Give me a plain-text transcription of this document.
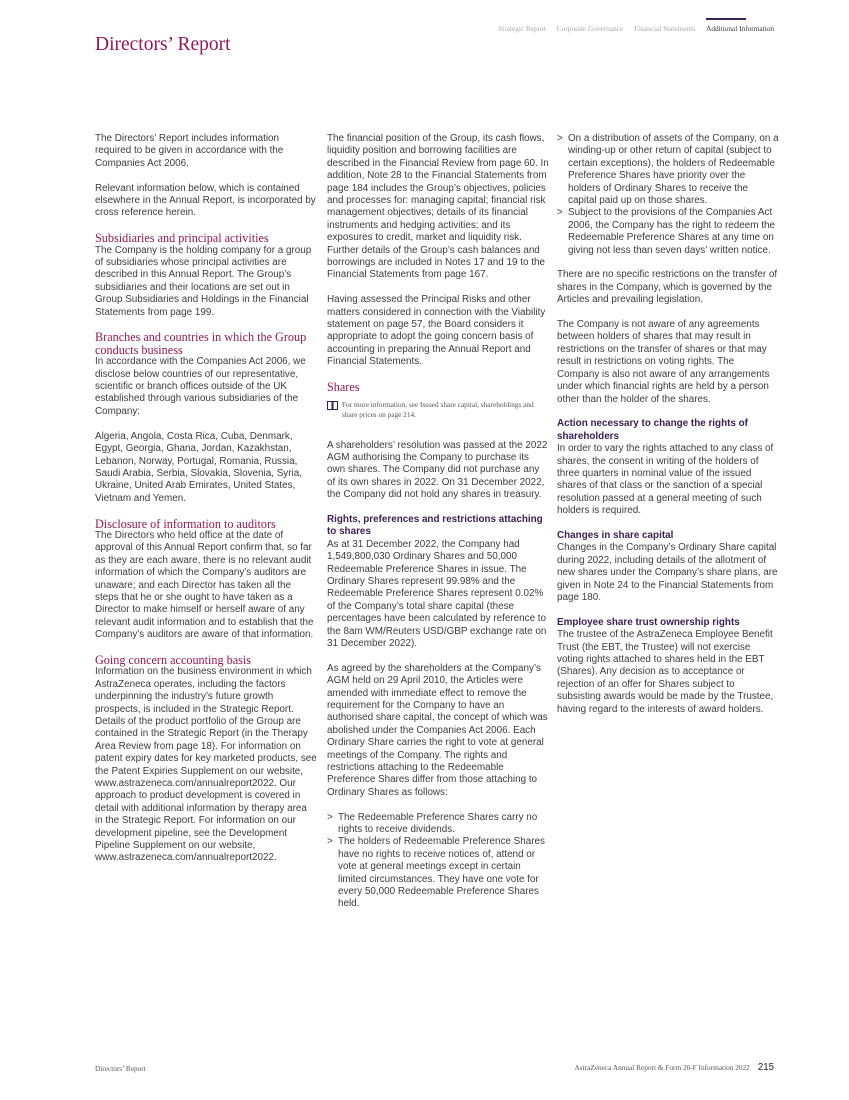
Strategic Report Corporate Governance Financial Statements Additional Information
Directors’ Report

The Directors’ Report includes information required to be given in accordance with the Companies Act 2006.

Relevant information below, which is contained elsewhere in the Annual Report, is incorporated by cross reference herein.

Subsidiaries and principal activities

The Company is the holding company for a group of subsidiaries whose principal activities are described in this Annual Report. The Group’s subsidiaries and their locations are set out in Group Subsidiaries and Holdings in the Financial Statements from page 199.

Branches and countries in which the Group conducts business

In accordance with the Companies Act 2006, we disclose below countries of our representative, scientific or branch offices outside of the UK established through various subsidiaries of the Company:

Algeria, Angola, Costa Rica, Cuba, Denmark, Egypt, Georgia, Ghana, Jordan, Kazakhstan, Lebanon, Norway, Portugal, Romania, Russia, Saudi Arabia, Serbia, Slovakia, Slovenia, Syria, Ukraine, United Arab Emirates, United States, Vietnam and Yemen.

Disclosure of information to auditors

The Directors who held office at the date of approval of this Annual Report confirm that, so far as they are each aware, there is no relevant audit information of which the Company’s auditors are unaware; and each Director has taken all the steps that he or she ought to have taken as a Director to make himself or herself aware of any relevant audit information and to establish that the Company’s auditors are aware of that information.

Going concern accounting basis

Information on the business environment in which AstraZeneca operates, including the factors underpinning the industry’s future growth prospects, is included in the Strategic Report. Details of the product portfolio of the Group are contained in the Strategic Report (in the Therapy Area Review from page 18). For information on patent expiry dates for key marketed products, see the Patent Expiries Supplement on our website, www.astrazeneca.com/annualreport2022. Our approach to product development is covered in detail with additional information by therapy area in the Strategic Report. For information on our development pipeline, see the Development Pipeline Supplement on our website, www.astrazeneca.com/annualreport2022.

The financial position of the Group, its cash flows, liquidity position and borrowing facilities are described in the Financial Review from page 60. In addition, Note 28 to the Financial Statements from page 184 includes the Group’s objectives, policies and processes for: managing capital; financial risk management objectives; details of its financial instruments and hedging activities; and its exposures to credit, market and liquidity risk. Further details of the Group’s cash balances and

borrowings are included in Notes 17 and 19 to the Financial Statements from page 167.

Having assessed the Principal Risks and other matters considered in connection with the Viability statement on page 57, the Board considers it appropriate to adopt the going concern basis of accounting in preparing the Annual Report and Financial Statements.

Shares
For more information, see Issued share capital, shareholdings and share prices on page 214.

A shareholders’ resolution was passed at the 2022 AGM authorising the Company to purchase its own shares. The Company did not purchase any of its own shares in 2022. On 31 December 2022, the Company did not hold any shares in treasury.

Rights, preferences and restrictions attaching to shares

As at 31 December 2022, the Company had 1,549,800,030 Ordinary Shares and 50,000 Redeemable Preference Shares in issue. The Ordinary Shares represent 99.98% and the Redeemable Preference Shares represent 0.02% of the Company’s total share capital (these percentages have been calculated by reference to the 8am WM/Reuters USD/GBP exchange rate on 31 December 2022).

As agreed by the shareholders at the Company’s AGM held on 29 April 2010, the Articles were amended with immediate effect to remove the requirement for the Company to have an authorised share capital, the concept of which was abolished under the Companies Act 2006. Each Ordinary Share carries the right to vote at general meetings of the Company. The rights and restrictions attaching to the Redeemable Preference Shares differ from those attaching to Ordinary Shares as follows:

> The Redeemable Preference Shares carry no rights to receive dividends.
> The holders of Redeemable Preference Shares have no rights to receive notices of, attend or vote at general meetings except in certain limited circumstances. They have one vote for every 50,000 Redeemable Preference Shares held.
> On a distribution of assets of the Company, on a winding-up or other return of capital (subject to certain exceptions), the holders of Redeemable Preference Shares have priority over the holders of Ordinary Shares to receive the capital paid up on those shares.
> Subject to the provisions of the Companies Act 2006, the Company has the right to redeem the Redeemable Preference Shares at any time on giving not less than seven days’ written notice.

There are no specific restrictions on the transfer of shares in the Company, which is governed by the Articles and prevailing legislation.

The Company is not aware of any agreements between holders of shares that may result in restrictions on the transfer of shares or that may result in restrictions on voting rights. The Company is also not aware of any arrangements under which financial rights are held by a person other than the holder of the shares.

Action necessary to change the rights of shareholders

In order to vary the rights attached to any class of shares, the consent in writing of the holders of three quarters in nominal value of the issued shares of that class or the sanction of a special resolution passed at a general meeting of such holders is required.

Changes in share capital

Changes in the Company’s Ordinary Share capital during 2022, including details of the allotment of new shares under the Company’s share plans, are given in Note 24 to the Financial Statements from page 180.

Employee share trust ownership rights

The trustee of the AstraZeneca Employee Benefit Trust (the EBT, the Trustee) will not exercise voting rights attached to shares held in the EBT (Shares). Any decision as to acceptance or rejection of an offer for Shares subject to subsisting awards would be made by the Trustee, having regard to the interests of award holders.

Directors’ Report	AstraZeneca Annual Report & Form 20-F Information 2022 215
